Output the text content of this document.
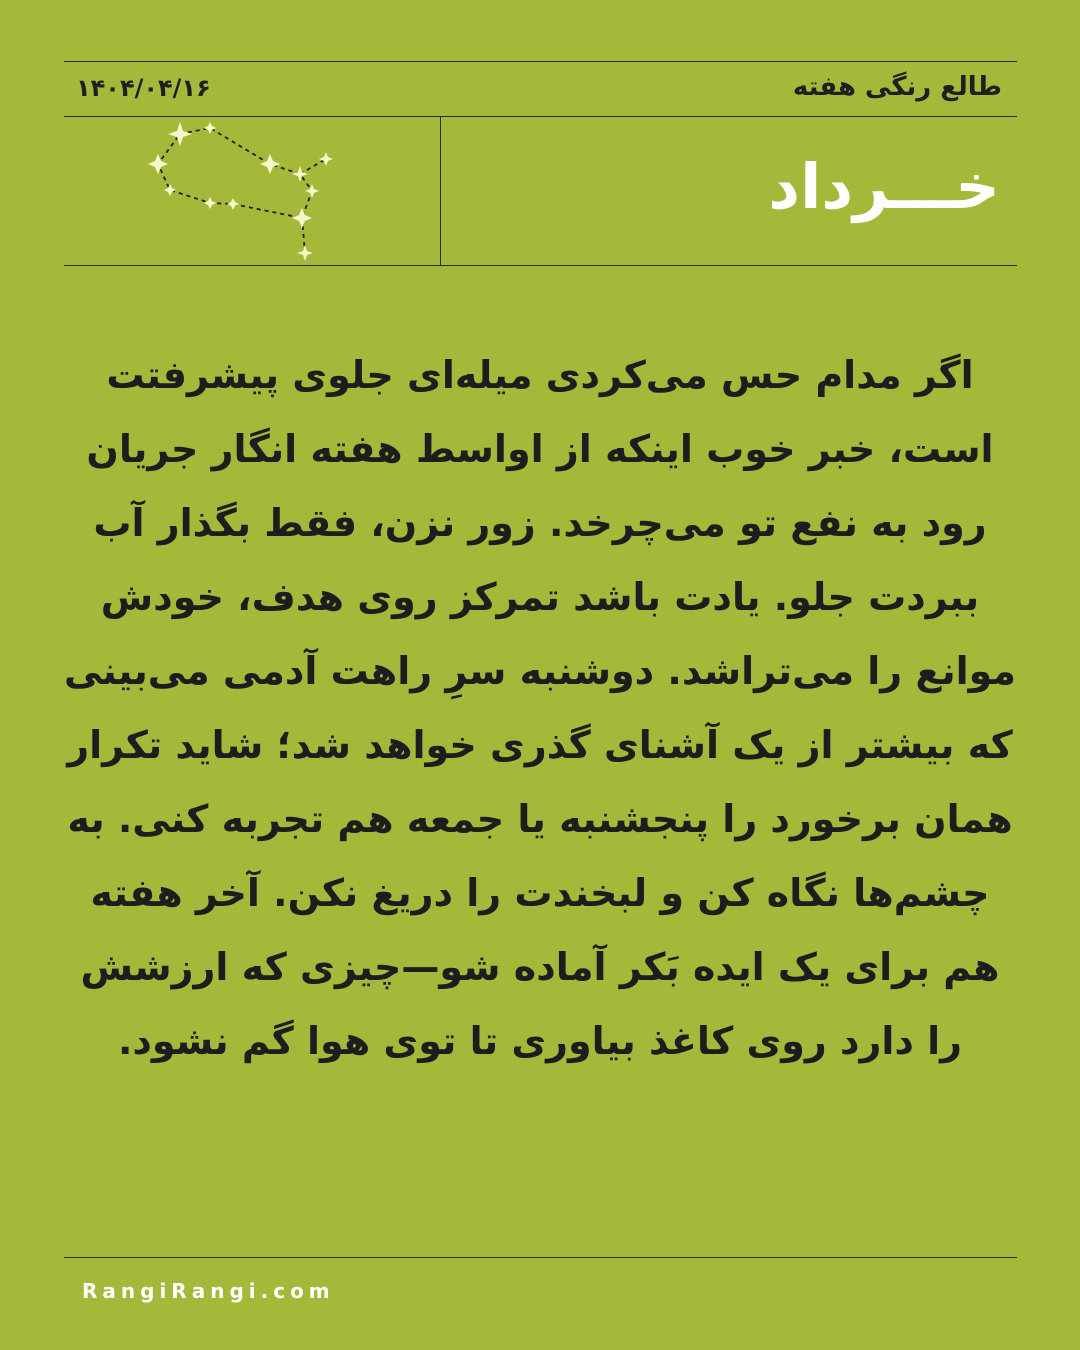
طالع رنگی هفته
۱۴۰۴/۰۴/۱۶
خـــرداد
اگر مدام حس می‌کردی میله‌ای جلوی پیشرفتت است، خبر خوب اینکه از اواسط هفته انگار جریان رود به نفع تو می‌چرخد. زور نزن، فقط بگذار آب ببردت جلو. یادت باشد تمرکز روی هدف، خودش موانع را می‌تراشد. دوشنبه سرِ راهت آدمی می‌بینی که بیشتر از یک آشنای گذری خواهد شد؛ شاید تکرار همان برخورد را پنجشنبه یا جمعه هم تجربه کنی. به چشم‌ها نگاه کن و لبخندت را دریغ نکن. آخر هفته هم برای یک ایده بَکر آماده شو—چیزی که ارزشش را دارد روی کاغذ بیاوری تا توی هوا گم نشود.
RangiRangi.com
